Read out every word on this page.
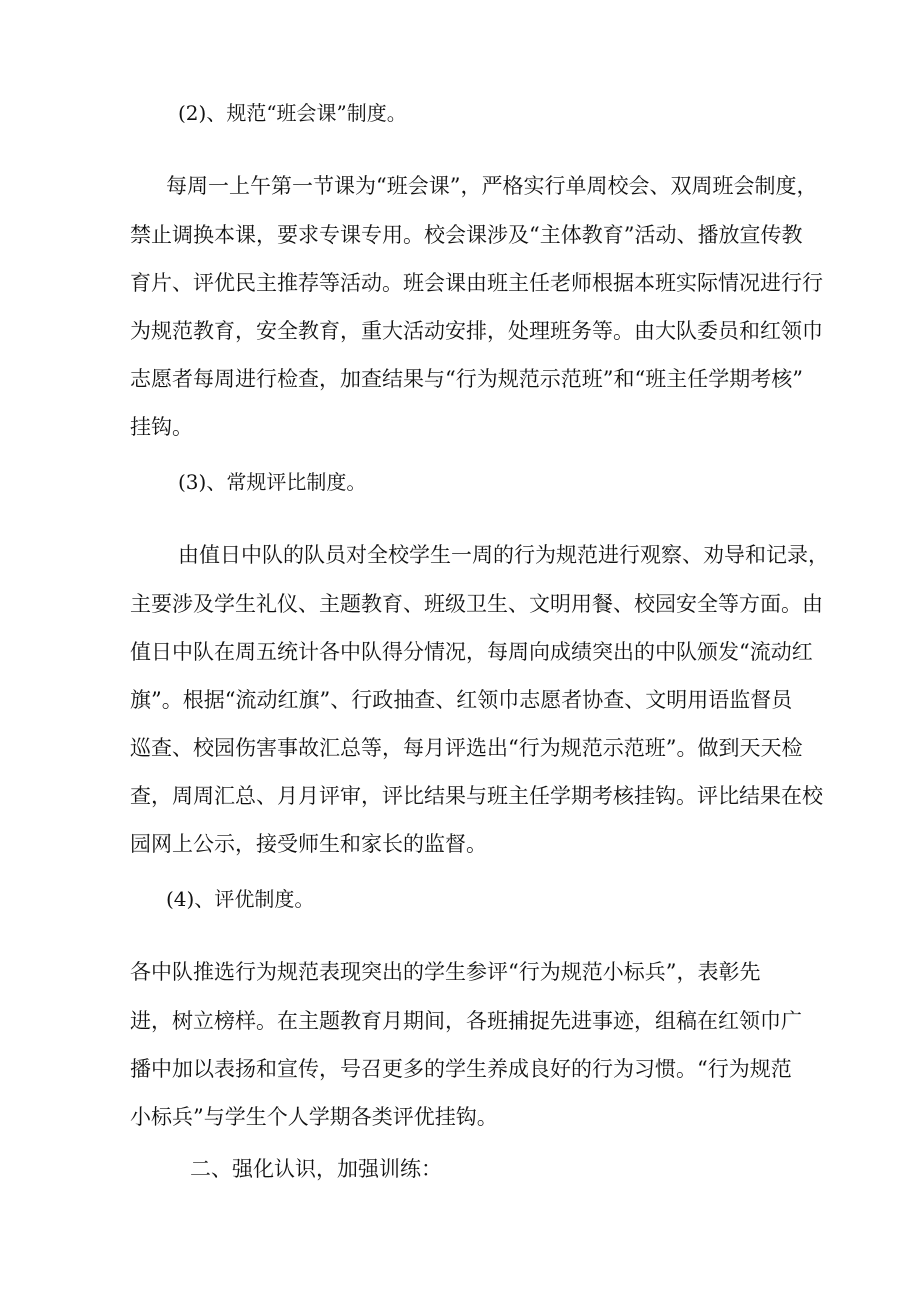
(2)、规范“班会课”制度。
每周一上午第一节课为“班会课”，严格实行单周校会、双周班会制度，
禁止调换本课，要求专课专用。校会课涉及“主体教育”活动、播放宣传教
育片、评优民主推荐等活动。班会课由班主任老师根据本班实际情况进行行
为规范教育，安全教育，重大活动安排，处理班务等。由大队委员和红领巾
志愿者每周进行检查，加查结果与“行为规范示范班”和“班主任学期考核”
挂钩。
(3)、常规评比制度。
由值日中队的队员对全校学生一周的行为规范进行观察、劝导和记录，
主要涉及学生礼仪、主题教育、班级卫生、文明用餐、校园安全等方面。由
值日中队在周五统计各中队得分情况，每周向成绩突出的中队颁发“流动红
旗”。根据“流动红旗”、行政抽查、红领巾志愿者协查、文明用语监督员
巡查、校园伤害事故汇总等，每月评选出“行为规范示范班”。做到天天检
查，周周汇总、月月评审，评比结果与班主任学期考核挂钩。评比结果在校
园网上公示，接受师生和家长的监督。
(4)、评优制度。
各中队推选行为规范表现突出的学生参评“行为规范小标兵”，表彰先
进，树立榜样。在主题教育月期间，各班捕捉先进事迹，组稿在红领巾广
播中加以表扬和宣传，号召更多的学生养成良好的行为习惯。“行为规范
小标兵”与学生个人学期各类评优挂钩。
二、强化认识，加强训练：
